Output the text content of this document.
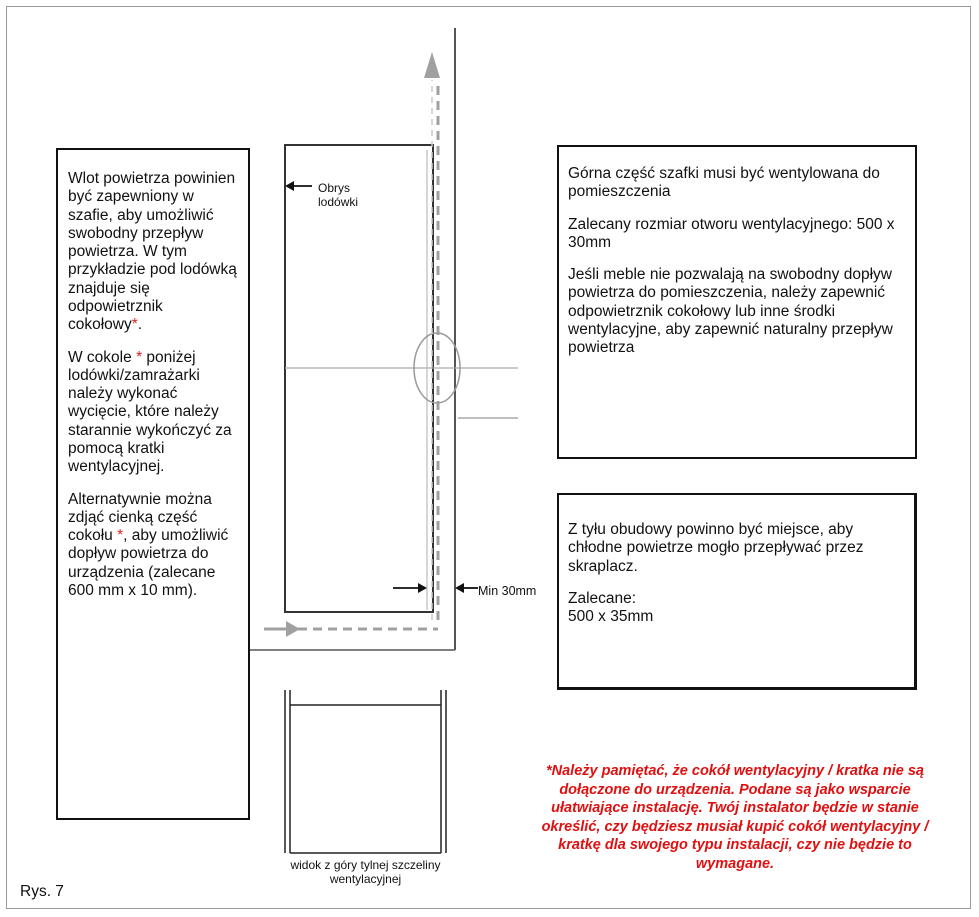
Obrys
lodówki
Min 30mm

Wlot powietrza powinien być zapewniony w szafie, aby umożliwić swobodny przepływ powietrza. W tym przykładzie pod lodówką znajduje się odpowietrznik cokołowy*.

W cokole * poniżej lodówki/zamrażarki należy wykonać wycięcie, które należy starannie wykończyć za pomocą kratki wentylacyjnej.

Alternatywnie można zdjąć cienką część cokołu *, aby umożliwić dopływ powietrza do urządzenia (zalecane 600 mm x 10 mm).

Górna część szafki musi być wentylowana do pomieszczenia

Zalecany rozmiar otworu wentylacyjnego: 500 x 30mm

Jeśli meble nie pozwalają na swobodny dopływ powietrza do pomieszczenia, należy zapewnić odpowietrznik cokołowy lub inne środki wentylacyjne, aby zapewnić naturalny przepływ powietrza

Z tyłu obudowy powinno być miejsce, aby chłodne powietrze mogło przepływać przez skraplacz.

Zalecane:
500 x 35mm

widok z góry tylnej szczeliny wentylacyjnej
*Należy pamiętać, że cokół wentylacyjny / kratka nie są dołączone do urządzenia. Podane są jako wsparcie ułatwiające instalację. Twój instalator będzie w stanie określić, czy będziesz musiał kupić cokół wentylacyjny / kratkę dla swojego typu instalacji, czy nie będzie to wymagane.
Rys. 7
